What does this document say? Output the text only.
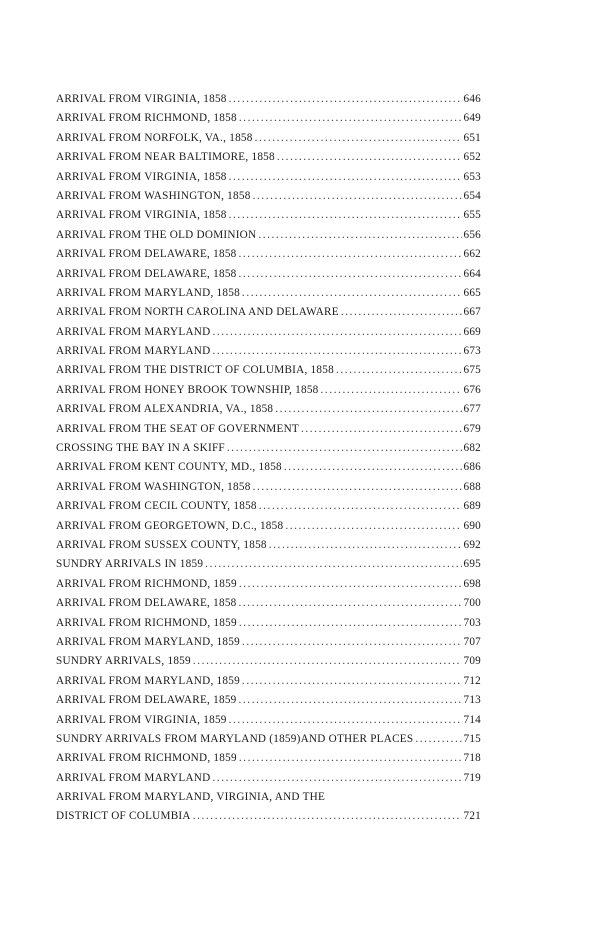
ARRIVAL FROM VIRGINIA, 1858 .....	646
ARRIVAL FROM RICHMOND, 1858 .....	649
ARRIVAL FROM NORFOLK, VA., 1858 .....	651
ARRIVAL FROM NEAR BALTIMORE, 1858 .....	652
ARRIVAL FROM VIRGINIA, 1858 .....	653
ARRIVAL FROM WASHINGTON, 1858 .....	654
ARRIVAL FROM VIRGINIA, 1858 .....	655
ARRIVAL FROM THE OLD DOMINION .....	656
ARRIVAL FROM DELAWARE, 1858 .....	662
ARRIVAL FROM DELAWARE, 1858 .....	664
ARRIVAL FROM MARYLAND, 1858 .....	665
ARRIVAL FROM NORTH CAROLINA AND DELAWARE .....	667
ARRIVAL FROM MARYLAND .....	669
ARRIVAL FROM MARYLAND .....	673
ARRIVAL FROM THE DISTRICT OF COLUMBIA, 1858 .....	675
ARRIVAL FROM HONEY BROOK TOWNSHIP, 1858 .....	676
ARRIVAL FROM ALEXANDRIA, VA., 1858 .....	677
ARRIVAL FROM THE SEAT OF GOVERNMENT .....	679
CROSSING THE BAY IN A SKIFF .....	682
ARRIVAL FROM KENT COUNTY, MD., 1858 .....	686
ARRIVAL FROM WASHINGTON, 1858 .....	688
ARRIVAL FROM CECIL COUNTY, 1858 .....	689
ARRIVAL FROM GEORGETOWN, D.C., 1858 .....	690
ARRIVAL FROM SUSSEX COUNTY, 1858 .....	692
SUNDRY ARRIVALS IN 1859 .....	695
ARRIVAL FROM RICHMOND, 1859 .....	698
ARRIVAL FROM DELAWARE, 1858 .....	700
ARRIVAL FROM RICHMOND, 1859 .....	703
ARRIVAL FROM MARYLAND, 1859 .....	707
SUNDRY ARRIVALS, 1859 .....	709
ARRIVAL FROM MARYLAND, 1859 .....	712
ARRIVAL FROM DELAWARE, 1859 .....	713
ARRIVAL FROM VIRGINIA, 1859 .....	714
SUNDRY ARRIVALS FROM MARYLAND (1859)AND OTHER PLACES .....	715
ARRIVAL FROM RICHMOND, 1859 .....	718
ARRIVAL FROM MARYLAND .....	719
ARRIVAL FROM MARYLAND, VIRGINIA, AND THE
DISTRICT OF COLUMBIA .....	721
